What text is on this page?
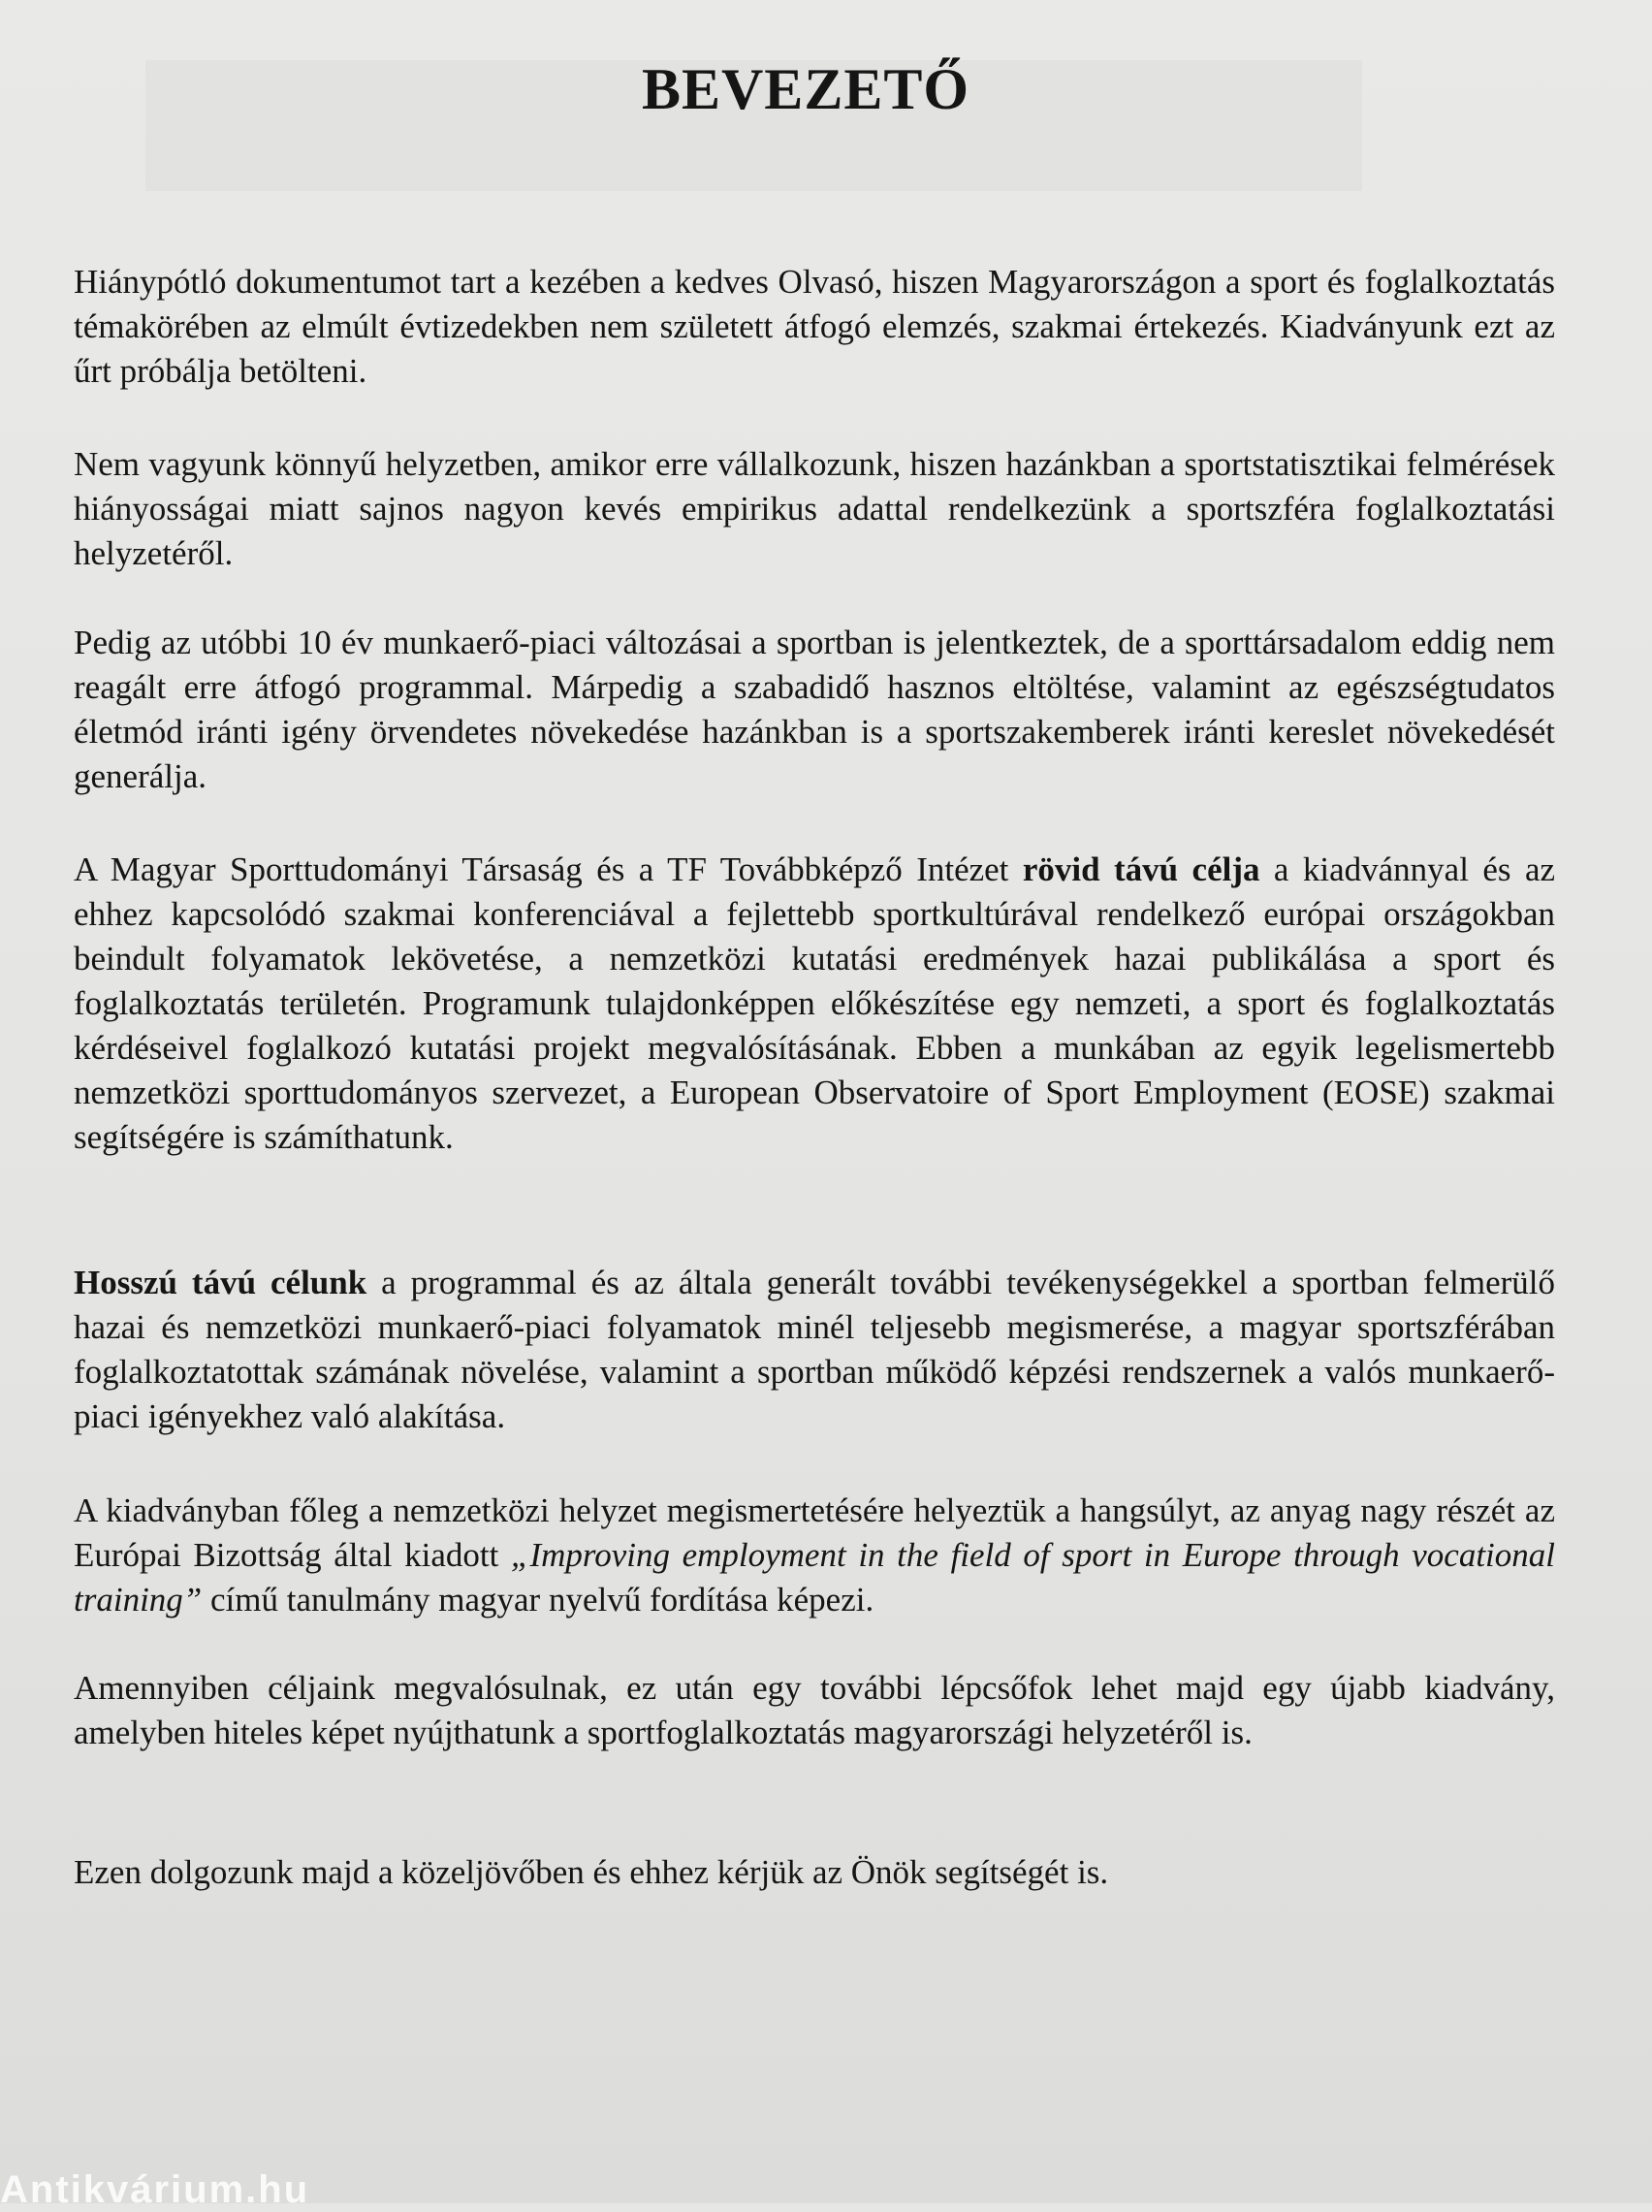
BEVEZETŐ

Hiánypótló dokumentumot tart a kezében a kedves Olvasó, hiszen Magyarországon a sport és foglalkoztatás témakörében az elmúlt évtizedekben nem született átfogó elemzés, szakmai értekezés. Kiadványunk ezt az űrt próbálja betölteni.

Nem vagyunk könnyű helyzetben, amikor erre vállalkozunk, hiszen hazánkban a sportstatisztikai felmérések hiányosságai miatt sajnos nagyon kevés empirikus adattal rendelkezünk a sportszféra foglalkoztatási helyzetéről.

Pedig az utóbbi 10 év munkaerő-piaci változásai a sportban is jelentkeztek, de a sporttársadalom eddig nem reagált erre átfogó programmal. Márpedig a szabadidő hasznos eltöltése, valamint az egészségtudatos életmód iránti igény örvendetes növekedése hazánkban is a sportszakemberek iránti kereslet növekedését generálja.

A Magyar Sporttudományi Társaság és a TF Továbbképző Intézet rövid távú célja a kiadvánnyal és az ehhez kapcsolódó szakmai konferenciával a fejlettebb sportkultúrával rendelkező európai országokban beindult folyamatok lekövetése, a nemzetközi kutatási eredmények hazai publikálása a sport és foglalkoztatás területén. Programunk tulajdonképpen előkészítése egy nemzeti, a sport és foglalkoztatás kérdéseivel foglalkozó kutatási projekt megvalósításának. Ebben a munkában az egyik legelismertebb nemzetközi sporttudományos szervezet, a European Observatoire of Sport Employment (EOSE) szakmai segítségére is számíthatunk.

Hosszú távú célunk a programmal és az általa generált további tevékenységekkel a sportban felmerülő hazai és nemzetközi munkaerő-piaci folyamatok minél teljesebb megismerése, a magyar sportszférában foglalkoztatottak számának növelése, valamint a sportban működő képzési rendszernek a valós munkaerő-piaci igényekhez való alakítása.

A kiadványban főleg a nemzetközi helyzet megismertetésére helyeztük a hangsúlyt, az anyag nagy részét az Európai Bizottság által kiadott „Improving employment in the field of sport in Europe through vocational training” című tanulmány magyar nyelvű fordítása képezi.

Amennyiben céljaink megvalósulnak, ez után egy további lépcsőfok lehet majd egy újabb kiadvány, amelyben hiteles képet nyújthatunk a sportfoglalkoztatás magyarországi helyzetéről is.

Ezen dolgozunk majd a közeljövőben és ehhez kérjük az Önök segítségét is.

Antikvárium.hu
